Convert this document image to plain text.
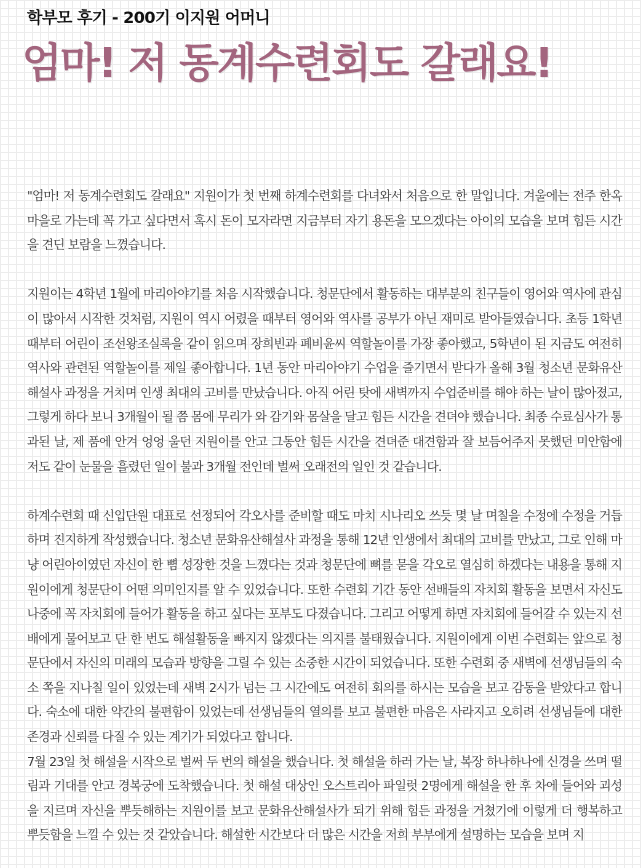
학부모 후기 - 200기 이지원 어머니
엄마! 저 동계수련회도 갈래요!

"엄마! 저 동계수련회도 갈래요" 지원이가 첫 번째 하계수련회를 다녀와서 처음으로 한 말입니다. 겨울에는 전주 한옥마을로 가는데 꼭 가고 싶다면서 혹시 돈이 모자라면 지금부터 자기 용돈을 모으겠다는 아이의 모습을 보며 힘든 시간을 견딘 보람을 느꼈습니다.

지원이는 4학년 1월에 마리아야기를 처음 시작했습니다. 청문단에서 활동하는 대부분의 친구들이 영어와 역사에 관심이 많아서 시작한 것처럼, 지원이 역시 어렸을 때부터 영어와 역사를 공부가 아닌 재미로 받아들였습니다. 초등 1학년 때부터 어린이 조선왕조실록을 같이 읽으며 장희빈과 폐비윤씨 역할놀이를 가장 좋아했고, 5학년이 된 지금도 여전히 역사와 관련된 역할놀이를 제일 좋아합니다. 1년 동안 마리아야기 수업을 즐기면서 받다가 올해 3월 청소년 문화유산해설사 과정을 거치며 인생 최대의 고비를 만났습니다. 아직 어린 탓에 새벽까지 수업준비를 해야 하는 날이 많아졌고, 그렇게 하다 보니 3개월이 될 쯤 몸에 무리가 와 감기와 몸살을 달고 힘든 시간을 견뎌야 했습니다. 최종 수료심사가 통과된 날, 제 품에 안겨 엉엉 울던 지원이를 안고 그동안 힘든 시간을 견뎌준 대견함과 잘 보듬어주지 못했던 미안함에 저도 같이 눈물을 흘렸던 일이 불과 3개월 전인데 벌써 오래전의 일인 것 같습니다.

하계수련회 때 신입단원 대표로 선정되어 각오사를 준비할 때도 마치 시나리오 쓰듯 몇 날 며칠을 수정에 수정을 거듭하며 진지하게 작성했습니다. 청소년 문화유산해설사 과정을 통해 12년 인생에서 최대의 고비를 만났고, 그로 인해 마냥 어린아이였던 자신이 한 뼘 성장한 것을 느꼈다는 것과 청문단에 뼈를 묻을 각오로 열심히 하겠다는 내용을 통해 지원이에게 청문단이 어떤 의미인지를 알 수 있었습니다. 또한 수련회 기간 동안 선배들의 자치회 활동을 보면서 자신도 나중에 꼭 자치회에 들어가 활동을 하고 싶다는 포부도 다졌습니다. 그리고 어떻게 하면 자치회에 들어갈 수 있는지 선배에게 물어보고 단 한 번도 해설활동을 빠지지 않겠다는 의지를 불태웠습니다. 지원이에게 이번 수련회는 앞으로 청문단에서 자신의 미래의 모습과 방향을 그릴 수 있는 소중한 시간이 되었습니다. 또한 수련회 중 새벽에 선생님들의 숙소 쪽을 지나칠 일이 있었는데 새벽 2시가 넘는 그 시간에도 여전히 회의를 하시는 모습을 보고 감동을 받았다고 합니다. 숙소에 대한 약간의 불편함이 있었는데 선생님들의 열의를 보고 불편한 마음은 사라지고 오히려 선생님들에 대한 존경과 신뢰를 다질 수 있는 계기가 되었다고 합니다.

7월 23일 첫 해설을 시작으로 벌써 두 번의 해설을 했습니다. 첫 해설을 하러 가는 날, 복장 하나하나에 신경을 쓰며 떨림과 기대를 안고 경복궁에 도착했습니다. 첫 해설 대상인 오스트리아 파일럿 2명에게 해설을 한 후 차에 들어와 괴성을 지르며 자신을 뿌듯해하는 지원이를 보고 문화유산해설사가 되기 위해 힘든 과정을 거쳤기에 이렇게 더 행복하고 뿌듯함을 느낄 수 있는 것 같았습니다. 해설한 시간보다 더 많은 시간을 저희 부부에게 설명하는 모습을 보며 지
